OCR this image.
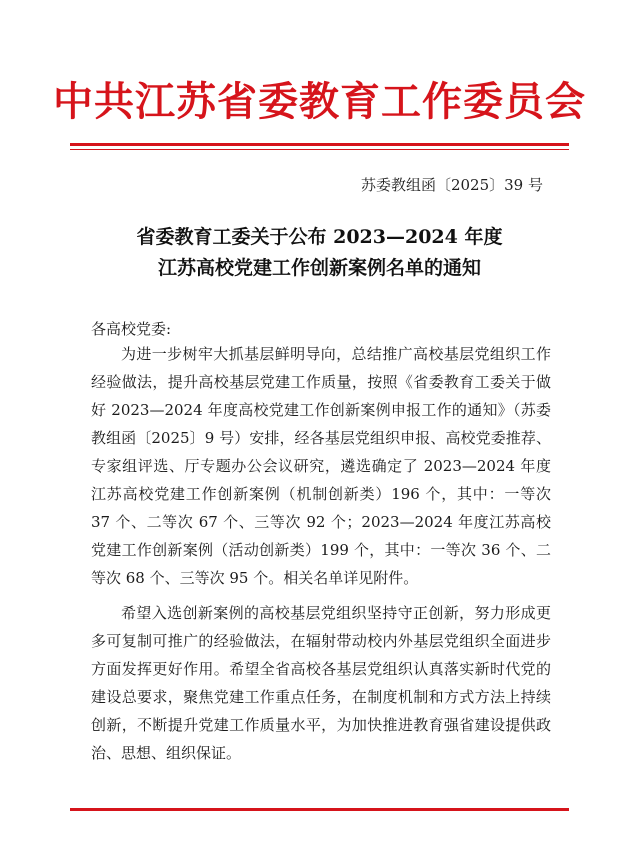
中共江苏省委教育工作委员会
苏委教组函〔2025〕39 号
省委教育工委关于公布 2023—2024 年度
江苏高校党建工作创新案例名单的通知
各高校党委:
为进一步树牢大抓基层鲜明导向，总结推广高校基层党组织工作经验做法，提升高校基层党建工作质量，按照《省委教育工委关于做好 2023—2024 年度高校党建工作创新案例申报工作的通知》（苏委教组函〔2025〕9 号）安排，经各基层党组织申报、高校党委推荐、专家组评选、厅专题办公会议研究，遴选确定了 2023—2024 年度江苏高校党建工作创新案例（机制创新类）196 个，其中：一等次 37 个、二等次 67 个、三等次 92 个；2023—2024 年度江苏高校党建工作创新案例（活动创新类）199 个，其中：一等次 36 个、二等次 68 个、三等次 95 个。相关名单详见附件。
希望入选创新案例的高校基层党组织坚持守正创新，努力形成更多可复制可推广的经验做法，在辐射带动校内外基层党组织全面进步方面发挥更好作用。希望全省高校各基层党组织认真落实新时代党的建设总要求，聚焦党建工作重点任务，在制度机制和方式方法上持续创新，不断提升党建工作质量水平，为加快推进教育强省建设提供政治、思想、组织保证。
